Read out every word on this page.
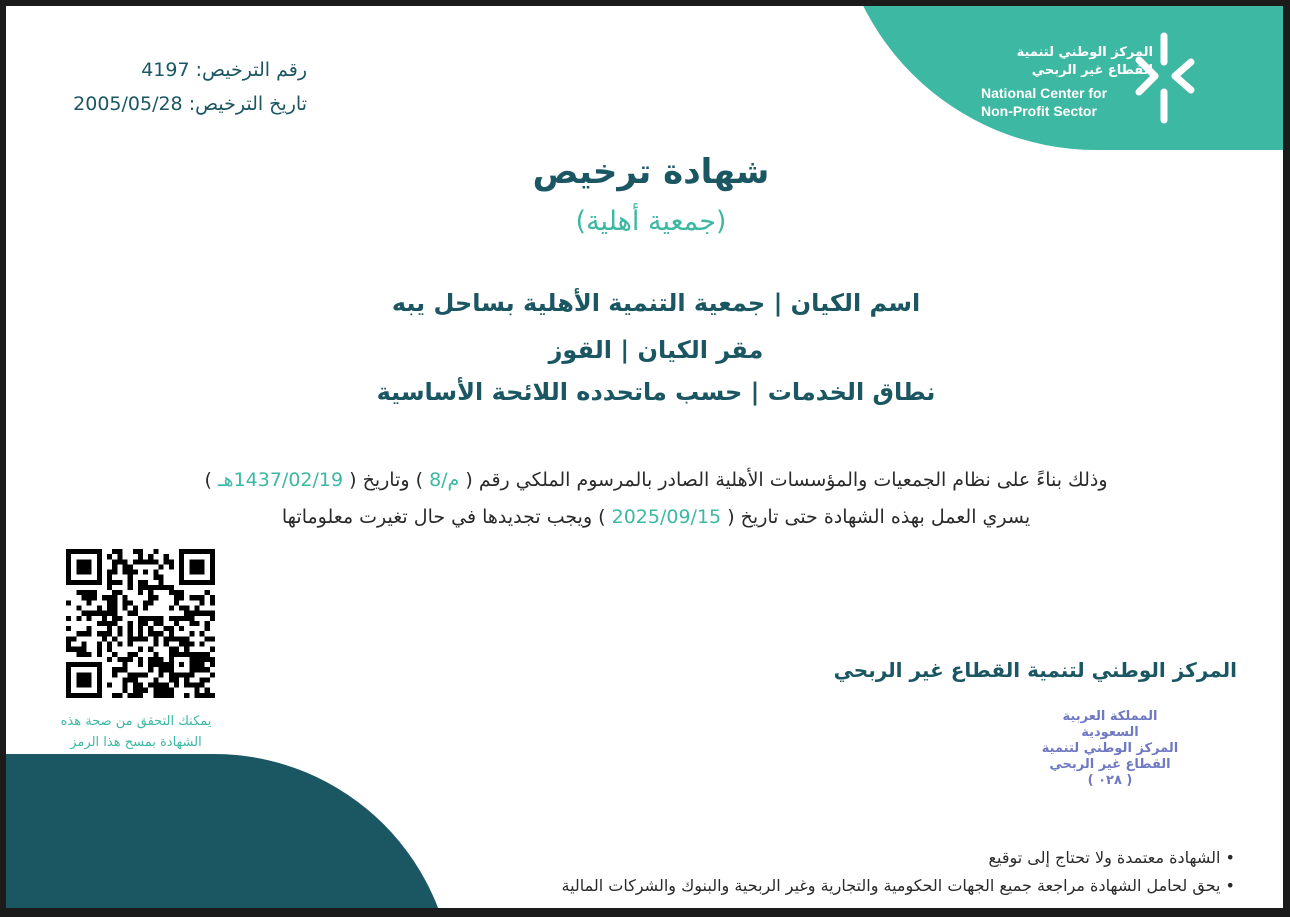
المركز الوطني لتنمية
القطاع غير الربحي
National Center for
Non-Profit Sector
رقم الترخيص: 4197
تاريخ الترخيص: 2005/05/28
شهادة ترخيص
(جمعية أهلية)
اسم الكيان | جمعية التنمية الأهلية بساحل يبه
مقر الكيان | القوز
نطاق الخدمات | حسب ماتحدده اللائحة الأساسية
وذلك بناءً على نظام الجمعيات والمؤسسات الأهلية الصادر بالمرسوم الملكي رقم ( م/8 ) وتاريخ ( 1437/02/19هـ )
يسري العمل بهذه الشهادة حتى تاريخ ( 2025/09/15 ) ويجب تجديدها في حال تغيرت معلوماتها
يمكنك التحقق من صحة هذه
الشهادة بمسح هذا الرمز
المركز الوطني لتنمية القطاع غير الربحي
المملكة العربية السعودية
المركز الوطني لتنمية
القطاع غير الربحي
( ٠٢٨ )
• الشهادة معتمدة ولا تحتاج إلى توقيع
• يحق لحامل الشهادة مراجعة جميع الجهات الحكومية والتجارية وغير الربحية والبنوك والشركات المالية
